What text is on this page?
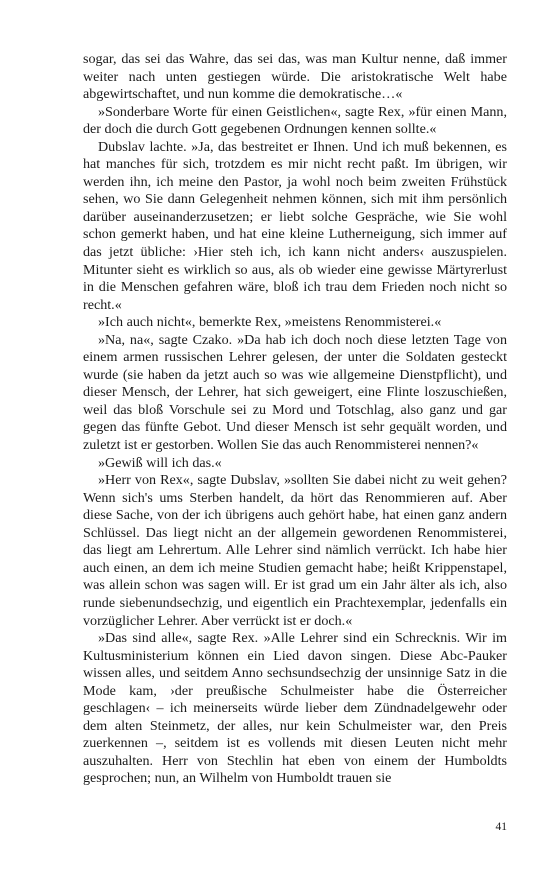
sogar, das sei das Wahre, das sei das, was man Kultur nenne, daß immer weiter nach unten gestiegen würde. Die aristokratische Welt habe abgewirtschaftet, und nun komme die demokratische…«

»Sonderbare Worte für einen Geistlichen«, sagte Rex, »für einen Mann, der doch die durch Gott gegebenen Ordnungen kennen sollte.«

Dubslav lachte. »Ja, das bestreitet er Ihnen. Und ich muß bekennen, es hat manches für sich, trotzdem es mir nicht recht paßt. Im übrigen, wir werden ihn, ich meine den Pastor, ja wohl noch beim zweiten Frühstück sehen, wo Sie dann Gelegenheit nehmen können, sich mit ihm persönlich darüber auseinanderzusetzen; er liebt solche Gespräche, wie Sie wohl schon gemerkt haben, und hat eine kleine Lutherneigung, sich immer auf das jetzt übliche: ›Hier steh ich, ich kann nicht anders‹ auszuspielen. Mitunter sieht es wirklich so aus, als ob wieder eine gewisse Märtyrerlust in die Menschen gefahren wäre, bloß ich trau dem Frieden noch nicht so recht.«

»Ich auch nicht«, bemerkte Rex, »meistens Renommisterei.«

»Na, na«, sagte Czako. »Da hab ich doch noch diese letzten Tage von einem armen russischen Lehrer gelesen, der unter die Soldaten gesteckt wurde (sie haben da jetzt auch so was wie allgemeine Dienstpflicht), und dieser Mensch, der Lehrer, hat sich geweigert, eine Flinte loszuschießen, weil das bloß Vorschule sei zu Mord und Totschlag, also ganz und gar gegen das fünfte Gebot. Und dieser Mensch ist sehr gequält worden, und zuletzt ist er gestorben. Wollen Sie das auch Renommisterei nennen?«

»Gewiß will ich das.«

»Herr von Rex«, sagte Dubslav, »sollten Sie dabei nicht zu weit gehen? Wenn sich's ums Sterben handelt, da hört das Renommieren auf. Aber diese Sache, von der ich übrigens auch gehört habe, hat einen ganz andern Schlüssel. Das liegt nicht an der allgemein gewordenen Renommisterei, das liegt am Lehrertum. Alle Lehrer sind nämlich verrückt. Ich habe hier auch einen, an dem ich meine Studien gemacht habe; heißt Krippenstapel, was allein schon was sagen will. Er ist grad um ein Jahr älter als ich, also runde siebenundsechzig, und eigentlich ein Prachtexemplar, jedenfalls ein vorzüglicher Lehrer. Aber verrückt ist er doch.«

»Das sind alle«, sagte Rex. »Alle Lehrer sind ein Schrecknis. Wir im Kultusministerium können ein Lied davon singen. Diese Abc-Pauker wissen alles, und seitdem Anno sechsundsechzig der unsinnige Satz in die Mode kam, ›der preußische Schulmeister habe die Österreicher geschlagen‹ – ich meinerseits würde lieber dem Zündnadelgewehr oder dem alten Steinmetz, der alles, nur kein Schulmeister war, den Preis zuerkennen –, seitdem ist es vollends mit diesen Leuten nicht mehr auszuhalten. Herr von Stechlin hat eben von einem der Humboldts gesprochen; nun, an Wilhelm von Humboldt trauen sie

41
